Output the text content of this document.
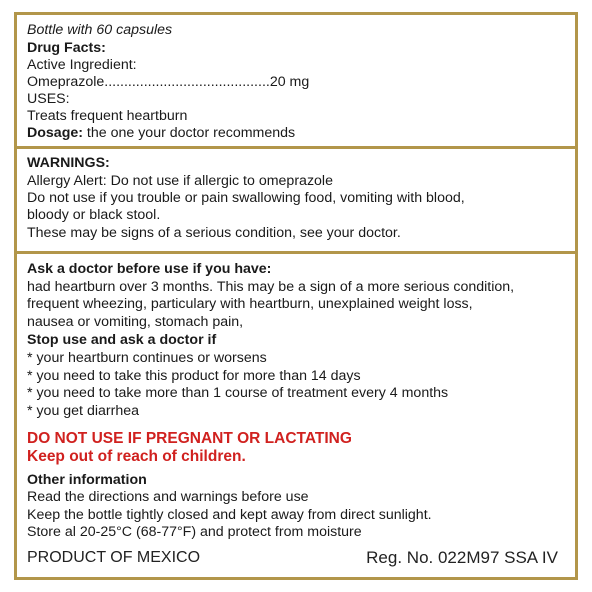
Bottle with 60 capsules
Drug Facts:
Active Ingredient:
Omeprazole..........................................20 mg
USES:
Treats frequent heartburn
Dosage: the one your doctor recommends
WARNINGS:
Allergy Alert: Do not use if allergic to omeprazole
Do not use if you trouble or pain swallowing food, vomiting with blood,
bloody or black stool.
These may be signs of a serious condition, see your doctor.
Ask a doctor before use if you have:
had heartburn over 3 months. This may be a sign of a more serious condition,
frequent wheezing, particulary with heartburn, unexplained weight loss,
nausea or vomiting, stomach pain,
Stop use and ask a doctor if
* your heartburn continues or worsens
* you need to take this product for more than 14 days
* you need to take more than 1 course of treatment every 4 months
* you get diarrhea
DO NOT USE IF PREGNANT OR LACTATING
Keep out of reach of children.
Other information
Read the directions and warnings before use
Keep the bottle tightly closed and kept away from direct sunlight.
Store al 20-25°C (68-77°F) and protect from moisture
PRODUCT OF MEXICO	Reg. No. 022M97 SSA IV
